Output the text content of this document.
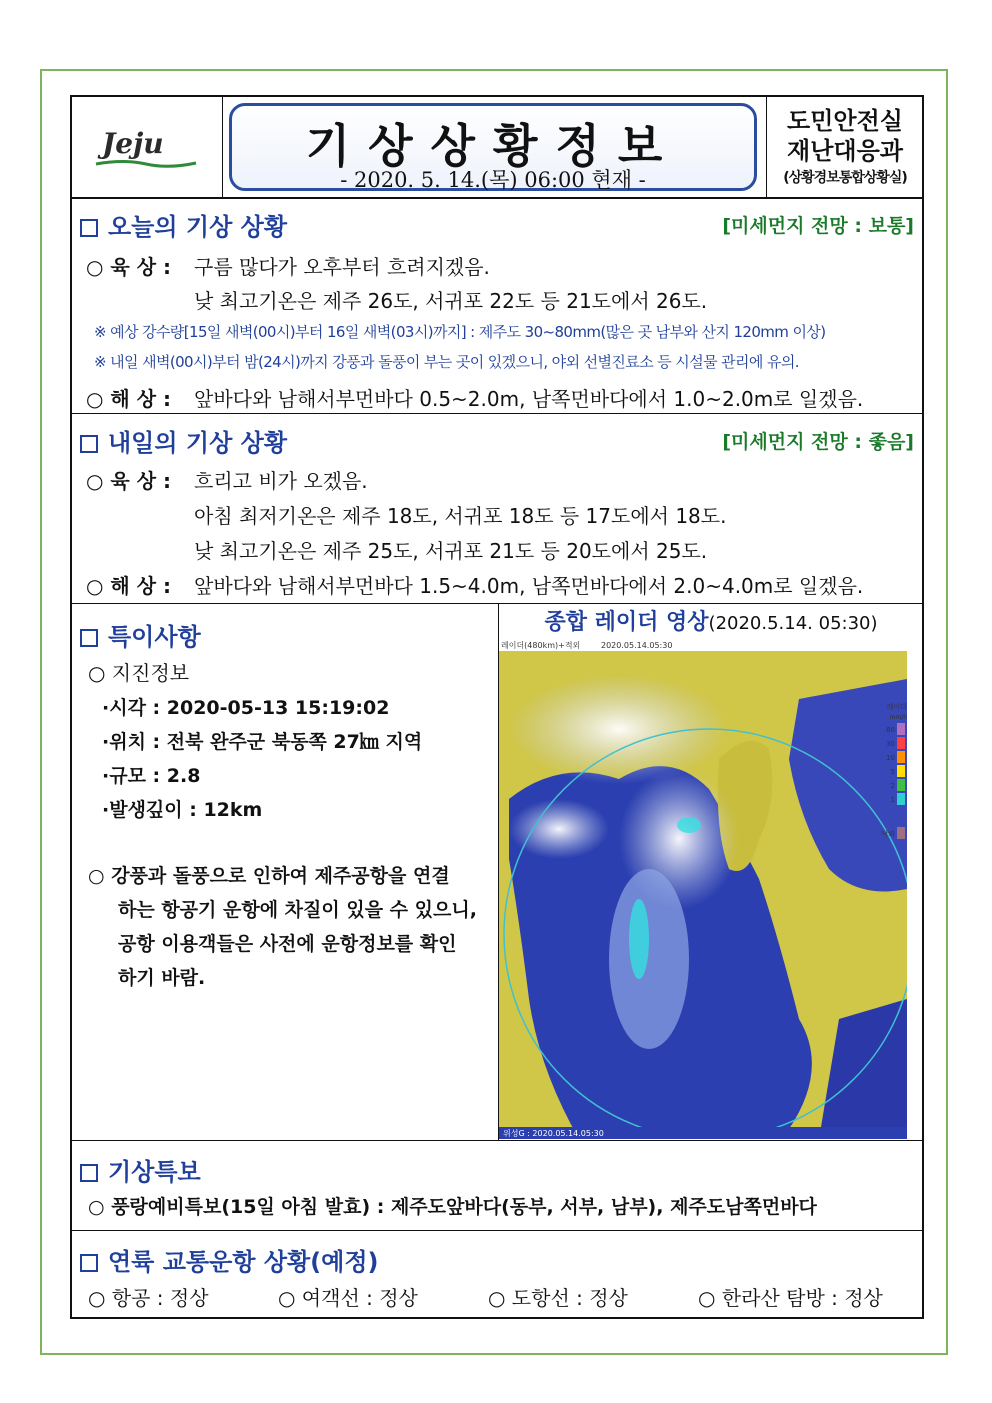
Jeju	기상상황정보
- 2020. 5. 14.(목) 06:00 현재 -
도민안전실
재난대응과
(상황경보통합상황실)
오늘의 기상 상황	[미세먼지 전망 : 보통]
○ 육 상 : 구름 많다가 오후부터 흐려지겠음.
낮 최고기온은 제주 26도, 서귀포 22도 등 21도에서 26도.
※ 예상 강수량[15일 새벽(00시)부터 16일 새벽(03시)까지] : 제주도 30~80mm(많은 곳 남부와 산지 120mm 이상)
※ 내일 새벽(00시)부터 밤(24시)까지 강풍과 돌풍이 부는 곳이 있겠으니, 야외 선별진료소 등 시설물 관리에 유의.
○ 해 상 : 앞바다와 남해서부먼바다 0.5~2.0m, 남쪽먼바다에서 1.0~2.0m로 일겠음.
내일의 기상 상황	[미세먼지 전망 : 좋음]
○ 육 상 : 흐리고 비가 오겠음.
아침 최저기온은 제주 18도, 서귀포 18도 등 17도에서 18도.
낮 최고기온은 제주 25도, 서귀포 21도 등 20도에서 25도.
○ 해 상 : 앞바다와 남해서부먼바다 1.5~4.0m, 남쪽먼바다에서 2.0~4.0m로 일겠음.
특이사항
○ 지진정보
·시각 : 2020-05-13 15:19:02
·위치 : 전북 완주군 북동쪽 27㎞ 지역
·규모 : 2.8
·발생깊이 : 12km
○ 강풍과 돌풍으로 인하여 제주공항을 연결
하는 항공기 운항에 차질이 있을 수 있으니,
공항 이용객들은 사전에 운항정보를 확인
하기 바람.
종합 레이더 영상(2020.5.14. 05:30)
레이더(480km)+적외	2020.05.14.05:30
위성G : 2020.05.14.05:30
레이더
mm/h
60
30
10
5
2
1
낙뢰
기상특보
○ 풍랑예비특보(15일 아침 발효) : 제주도앞바다(동부, 서부, 남부), 제주도남쪽먼바다
연륙 교통운항 상황(예정)
○ 항공 : 정상	○ 여객선 : 정상	○ 도항선 : 정상	○ 한라산 탐방 : 정상
